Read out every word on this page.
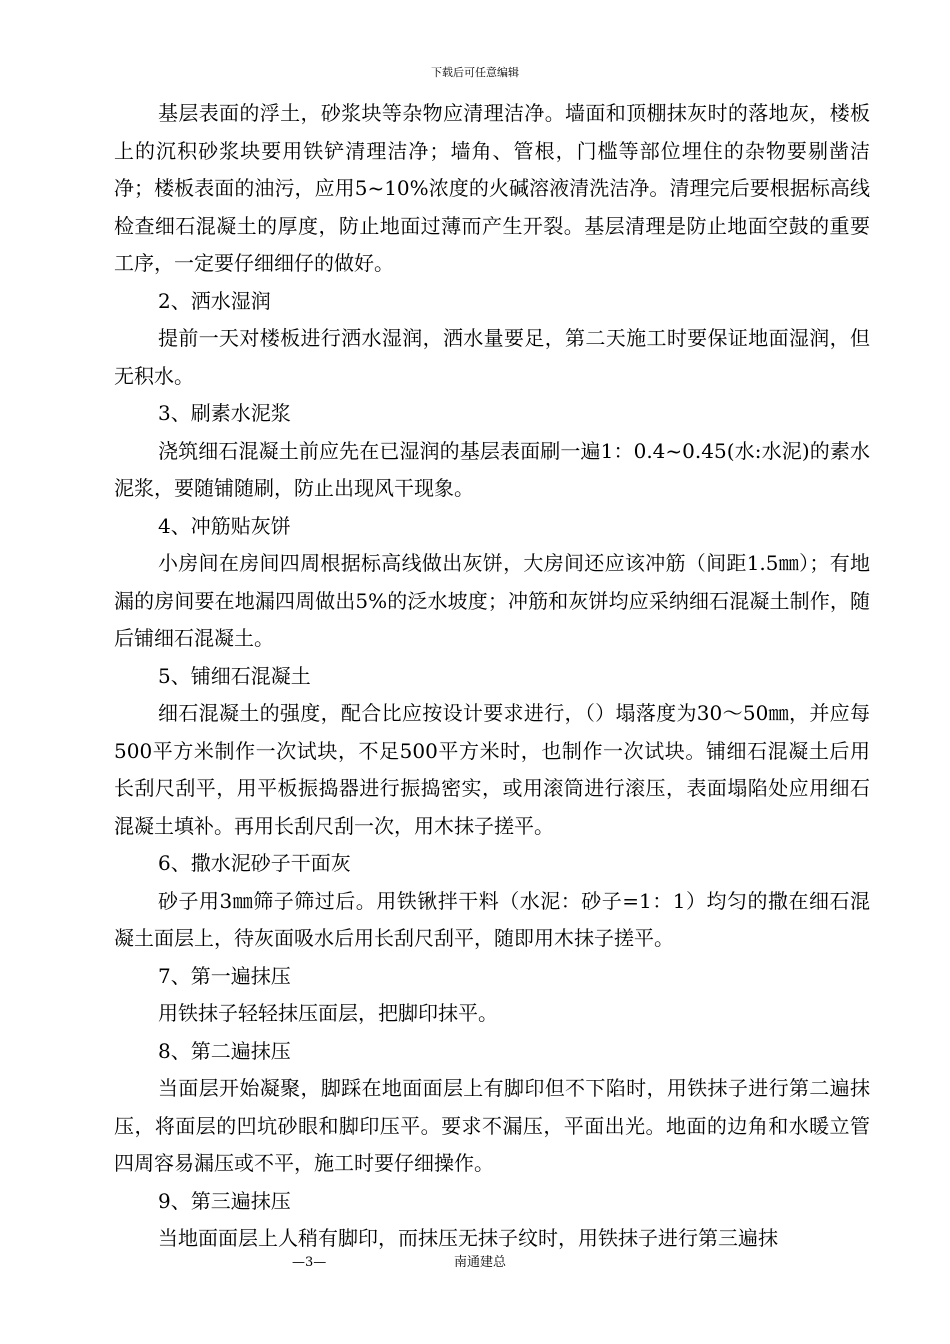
下载后可任意编辑

基层表面的浮土，砂浆块等杂物应清理洁净。墙面和顶棚抹灰时的落地灰，楼板上的沉积砂浆块要用铁铲清理洁净；墙角、管根，门槛等部位埋住的杂物要剔凿洁净；楼板表面的油污，应用5~10%浓度的火碱溶液清洗洁净。清理完后要根据标高线检查细石混凝土的厚度，防止地面过薄而产生开裂。基层清理是防止地面空鼓的重要工序，一定要仔细细仔的做好。

2、洒水湿润

提前一天对楼板进行洒水湿润，洒水量要足，第二天施工时要保证地面湿润，但无积水。

3、刷素水泥浆

浇筑细石混凝土前应先在已湿润的基层表面刷一遍1：0.4~0.45(水:水泥)的素水泥浆，要随铺随刷，防止出现风干现象。

4、冲筋贴灰饼

小房间在房间四周根据标高线做出灰饼，大房间还应该冲筋（间距1.5㎜）；有地漏的房间要在地漏四周做出5%的泛水坡度；冲筋和灰饼均应采纳细石混凝土制作，随后铺细石混凝土。

5、铺细石混凝土

细石混凝土的强度，配合比应按设计要求进行，（）塌落度为30～50㎜，并应每500平方米制作一次试块，不足500平方米时，也制作一次试块。铺细石混凝土后用长刮尺刮平，用平板振捣器进行振捣密实，或用滚筒进行滚压，表面塌陷处应用细石混凝土填补。再用长刮尺刮一次，用木抹子搓平。

6、撒水泥砂子干面灰

砂子用3㎜筛子筛过后。用铁锹拌干料（水泥：砂子=1：1）均匀的撒在细石混凝土面层上，待灰面吸水后用长刮尺刮平，随即用木抹子搓平。

7、第一遍抹压

用铁抹子轻轻抹压面层，把脚印抹平。

8、第二遍抹压

当面层开始凝聚，脚踩在地面面层上有脚印但不下陷时，用铁抹子进行第二遍抹压，将面层的凹坑砂眼和脚印压平。要求不漏压，平面出光。地面的边角和水暖立管四周容易漏压或不平，施工时要仔细操作。

9、第三遍抹压

当地面面层上人稍有脚印，而抹压无抹子纹时，用铁抹子进行第三遍抹

—3—	南通建总
